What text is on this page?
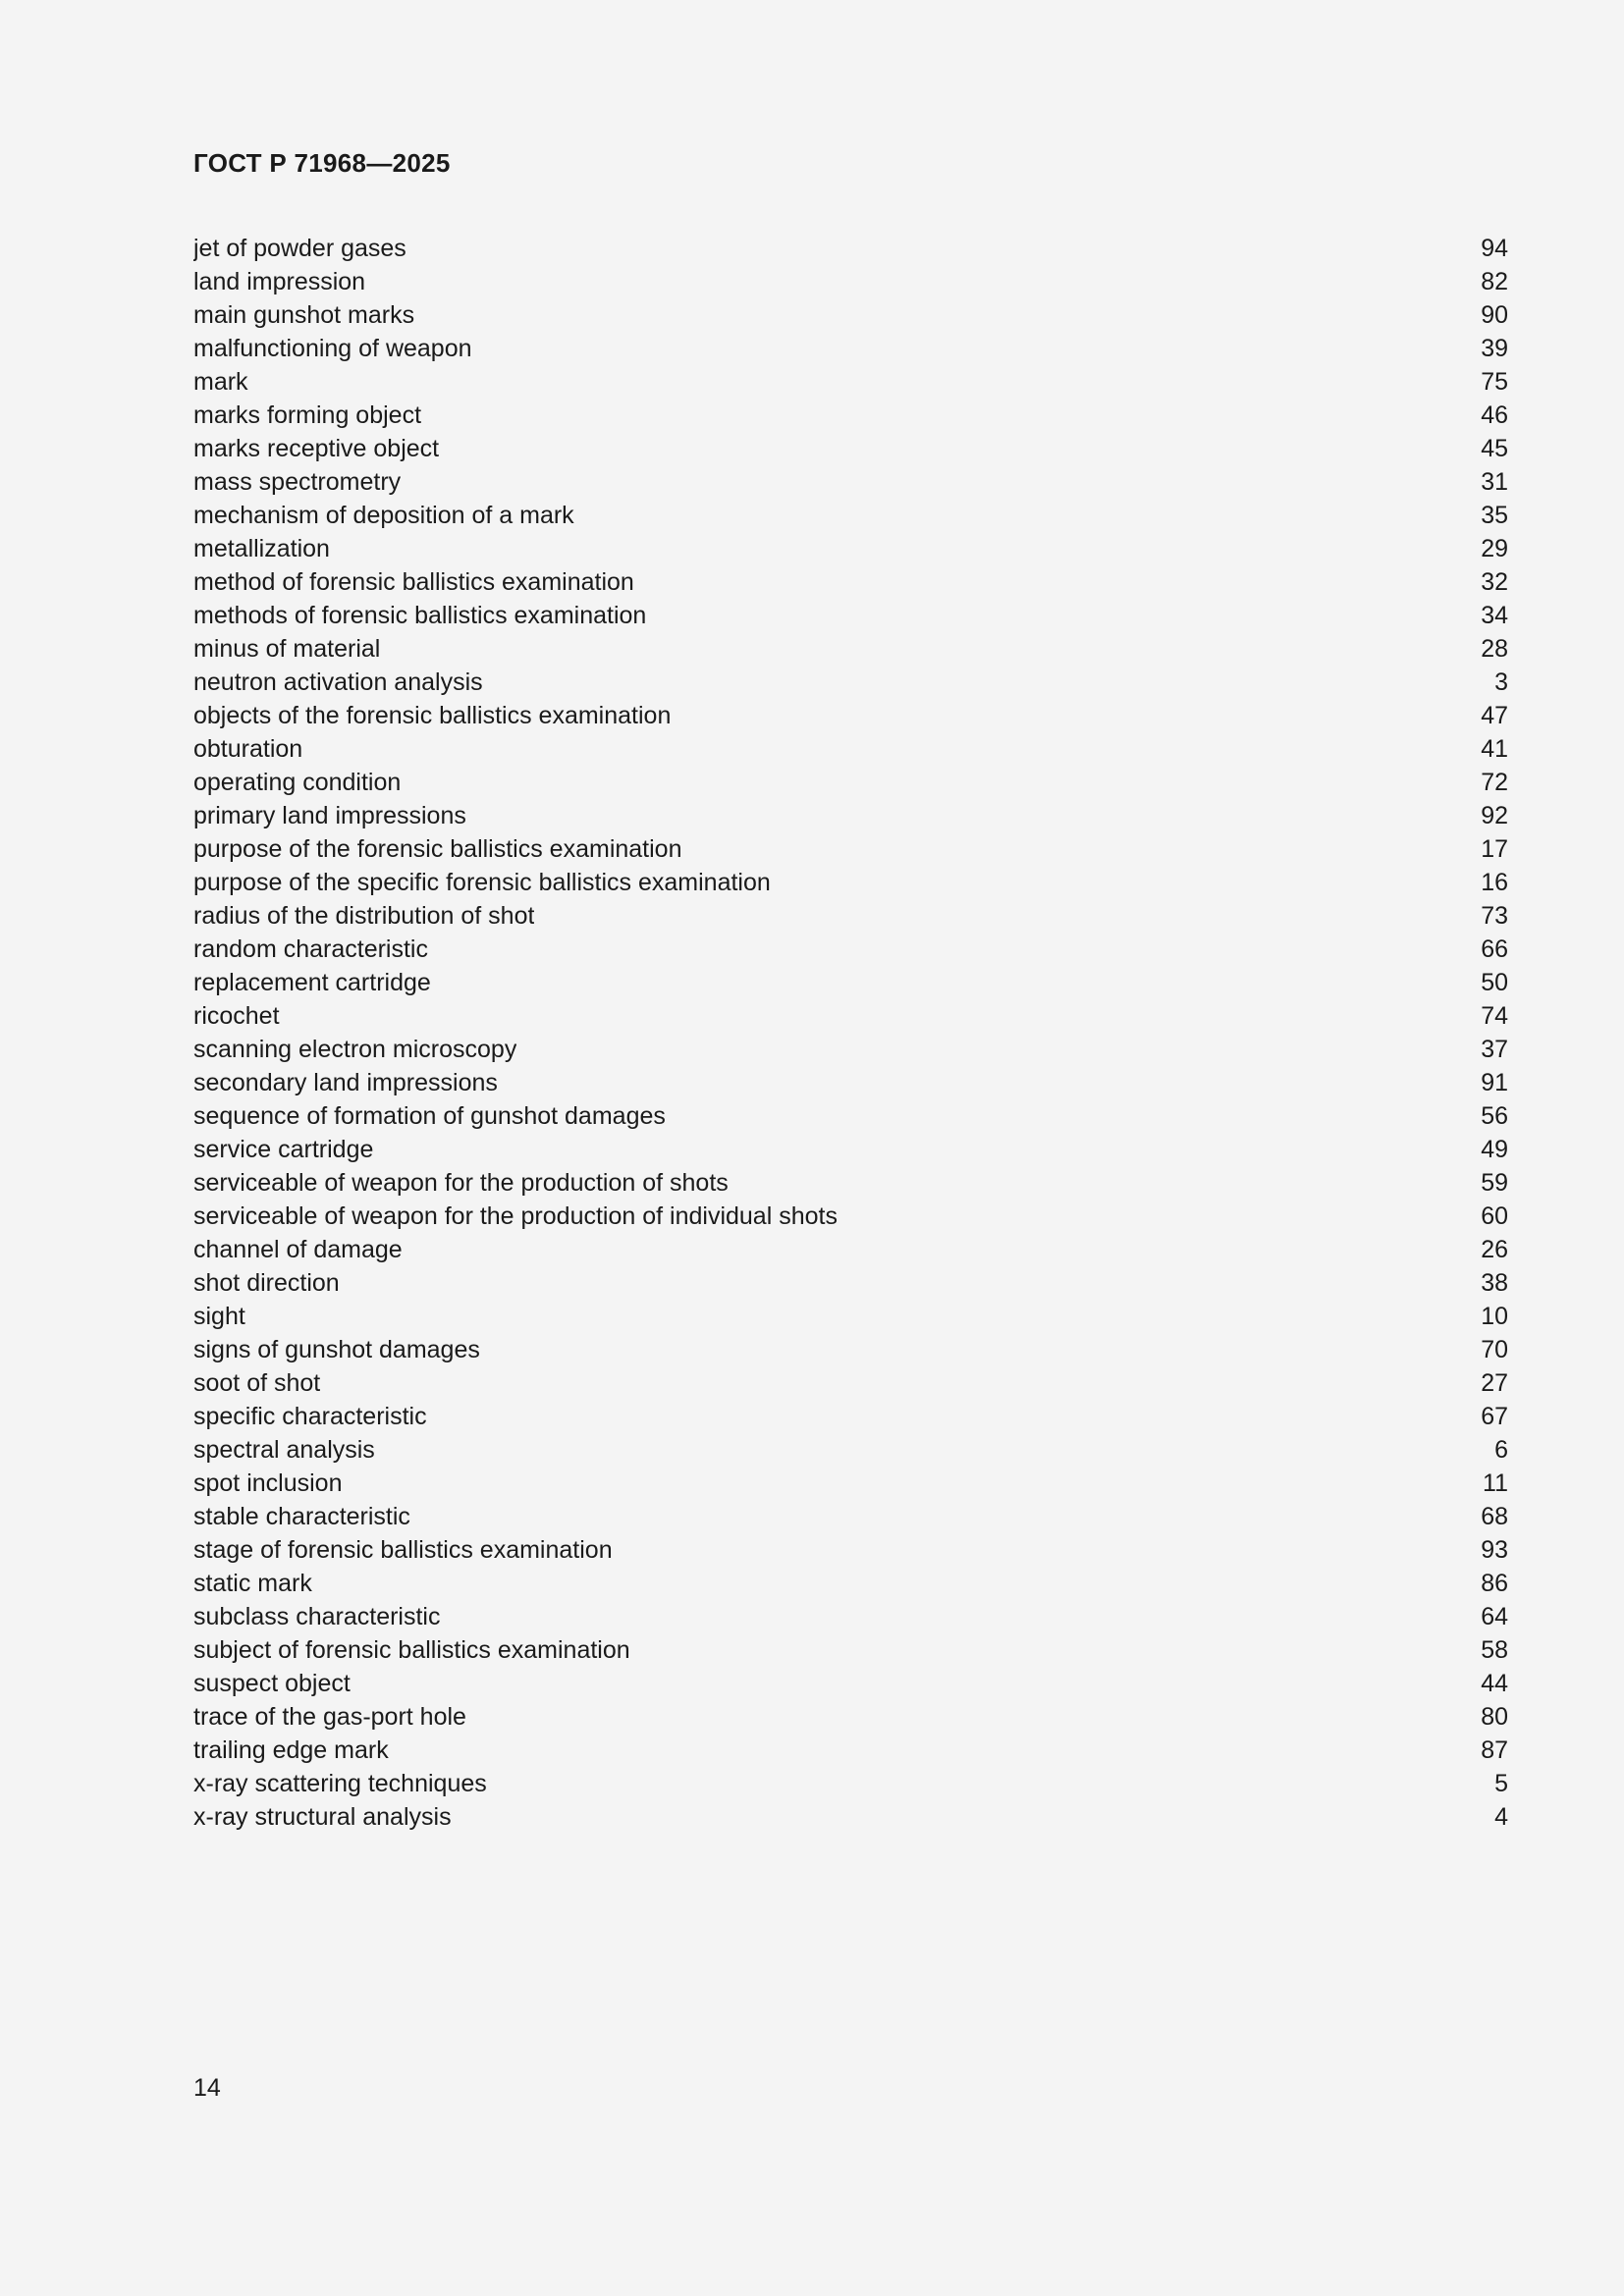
ГОСТ Р 71968—2025
jet of powder gases	94
land impression	82
main gunshot marks	90
malfunctioning of weapon	39
mark	75
marks forming object	46
marks receptive object	45
mass spectrometry	31
mechanism of deposition of a mark	35
metallization	29
method of forensic ballistics examination	32
methods of forensic ballistics examination	34
minus of material	28
neutron activation analysis	3
objects of the forensic ballistics examination	47
obturation	41
operating condition	72
primary land impressions	92
purpose of the forensic ballistics examination	17
purpose of the specific forensic ballistics examination	16
radius of the distribution of shot	73
random characteristic	66
replacement cartridge	50
ricochet	74
scanning electron microscopy	37
secondary land impressions	91
sequence of formation of gunshot damages	56
service cartridge	49
serviceable of weapon for the production of shots	59
serviceable of weapon for the production of individual shots	60
channel of damage	26
shot direction	38
sight	10
signs of gunshot damages	70
soot of shot	27
specific characteristic	67
spectral analysis	6
spot inclusion	11
stable characteristic	68
stage of forensic ballistics examination	93
static mark	86
subclass characteristic	64
subject of forensic ballistics examination	58
suspect object	44
trace of the gas-port hole	80
trailing edge mark	87
x-ray scattering techniques	5
x-ray structural analysis	4
14
